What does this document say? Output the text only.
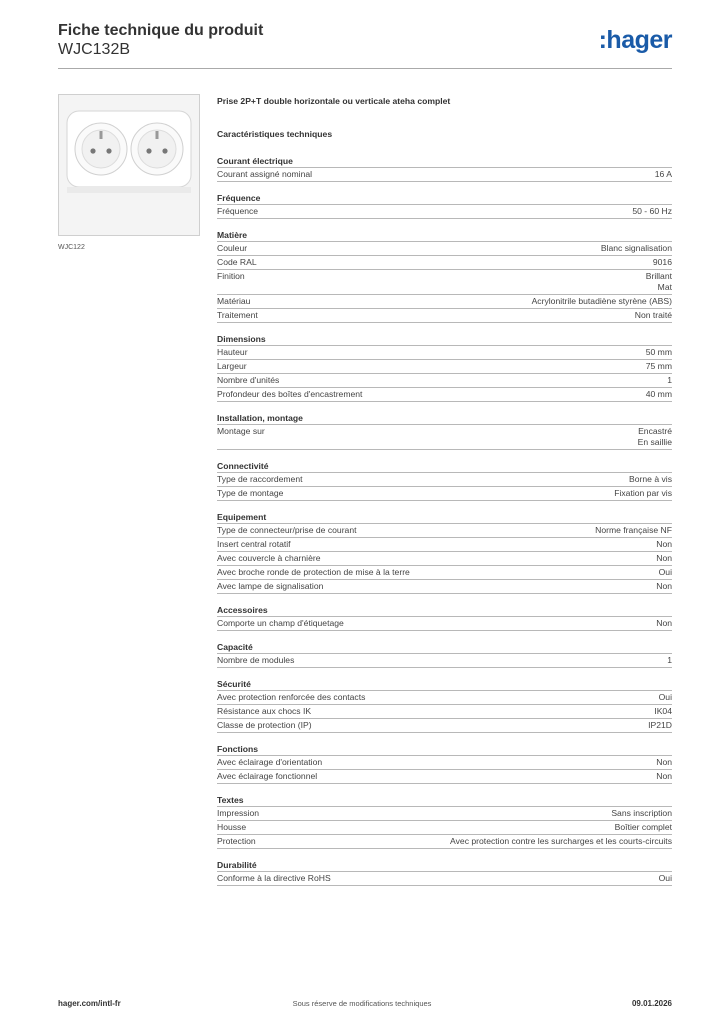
Fiche technique du produit
WJC132B	:hager
WJC122
Prise 2P+T double horizontale ou verticale ateha complet
Caractéristiques techniques
Courant électrique
Courant assigné nominal	16 A
Fréquence
Fréquence	50 - 60 Hz
Matière
Couleur	Blanc signalisation
Code RAL	9016
Finition	Brillant
Mat
Matériau	Acrylonitrile butadiène styrène (ABS)
Traitement	Non traité
Dimensions
Hauteur	50 mm
Largeur	75 mm
Nombre d'unités	1
Profondeur des boîtes d'encastrement	40 mm
Installation, montage
Montage sur	Encastré
En saillie
Connectivité
Type de raccordement	Borne à vis
Type de montage	Fixation par vis
Equipement
Type de connecteur/prise de courant	Norme française NF
Insert central rotatif	Non
Avec couvercle à charnière	Non
Avec broche ronde de protection de mise à la terre	Oui
Avec lampe de signalisation	Non
Accessoires
Comporte un champ d'étiquetage	Non
Capacité
Nombre de modules	1
Sécurité
Avec protection renforcée des contacts	Oui
Résistance aux chocs IK	IK04
Classe de protection (IP)	IP21D
Fonctions
Avec éclairage d'orientation	Non
Avec éclairage fonctionnel	Non
Textes
Impression	Sans inscription
Housse	Boîtier complet
Protection	Avec protection contre les surcharges et les courts-circuits
Durabilité
Conforme à la directive RoHS	Oui
hager.com/intl-fr	Sous réserve de modifications techniques	09.01.2026
